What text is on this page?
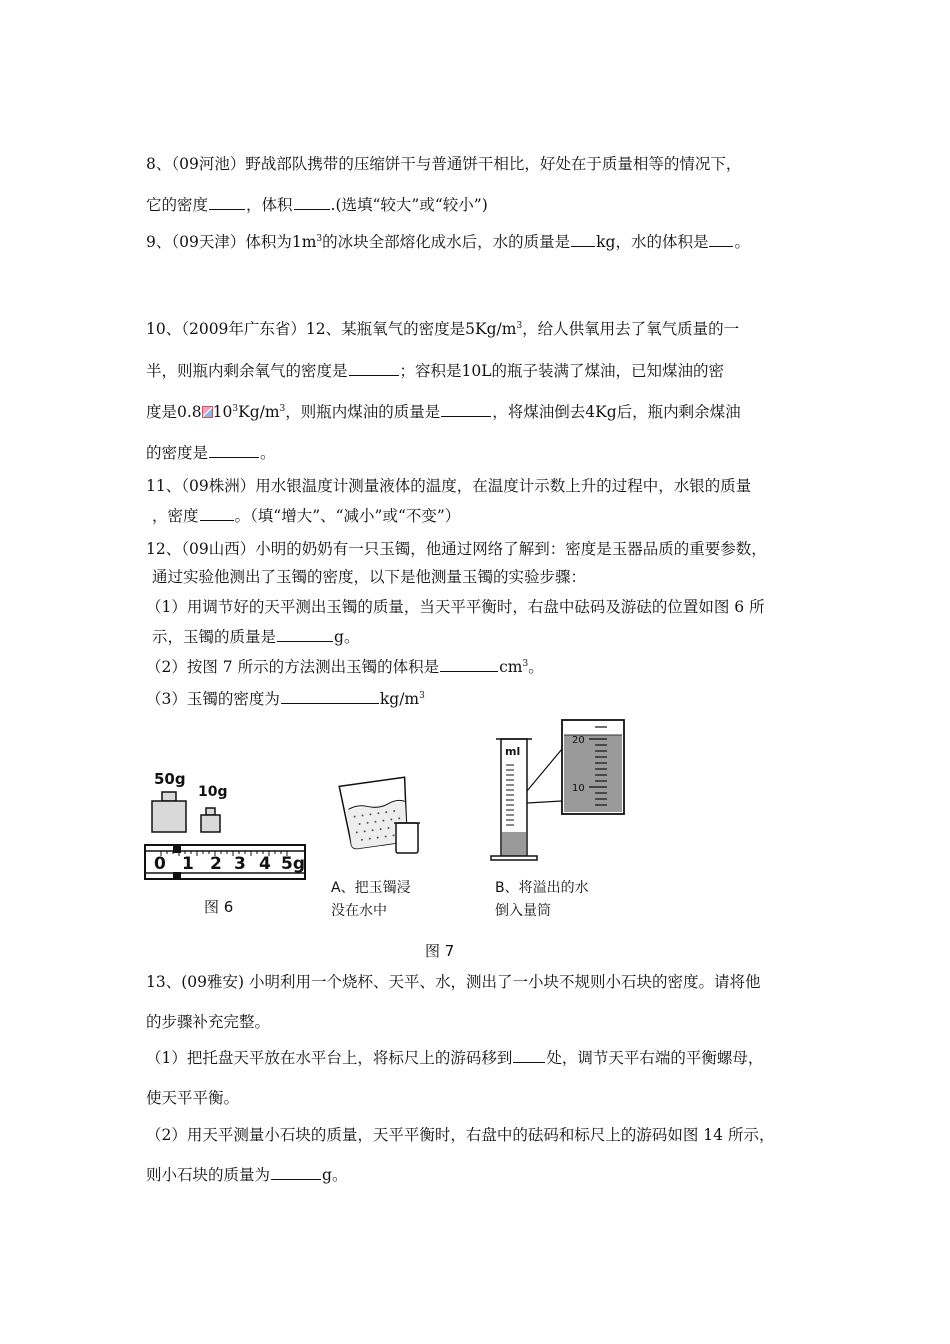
8、（09河池）野战部队携带的压缩饼干与普通饼干相比，好处在于质量相等的情况下，
它的密度 ，体积 .(选填“较大”或“较小”)
9、（09天津）体积为$1m^3$的冰块全部熔化成水后，水的质量是 kg，水的体积是 。
10、（2009年广东省）12、某瓶氧气的密度是$5Kg/m^3$，给人供氧用去了氧气质量的一
半，则瓶内剩余氧气的密度是	；容积是10L的瓶子装满了煤油，已知煤油的密
度是0.8 $10^3Kg/m^3$，则瓶内煤油的质量是	，将煤油倒去4Kg后，瓶内剩余煤油
的密度是	。
11、（09株洲）用水银温度计测量液体的温度，在温度计示数上升的过程中，水银的质量
，密度 。（填“增大”、“减小”或“不变”）
12、（09山西）小明的奶奶有一只玉镯，他通过网络了解到：密度是玉器品质的重要参数，
通过实验他测出了玉镯的密度，以下是他测量玉镯的实验步骤：
（1）用调节好的天平测出玉镯的质量，当天平平衡时，右盘中砝码及游砝的位置如图 6 所
示，玉镯的质量是	g。
（2）按图 7 所示的方法测出玉镯的体积是	$cm^3$。
（3）玉镯的密度为	$kg/m^3$
0 1 2 3 4 5g
50g
10g
图 6
ml
20
10
A、把玉镯浸
没在水中
B、将溢出的水
倒入量筒
图 7
13、(09雅安) 小明利用一个烧杯、天平、水，测出了一小块不规则小石块的密度。请将他
的步骤补充完整。
（1）把托盘天平放在水平台上，将标尺上的游码移到 处，调节天平右端的平衡螺母，
使天平平衡。
（2）用天平测量小石块的质量，天平平衡时，右盘中的砝码和标尺上的游码如图 14 所示，
则小石块的质量为	g。
